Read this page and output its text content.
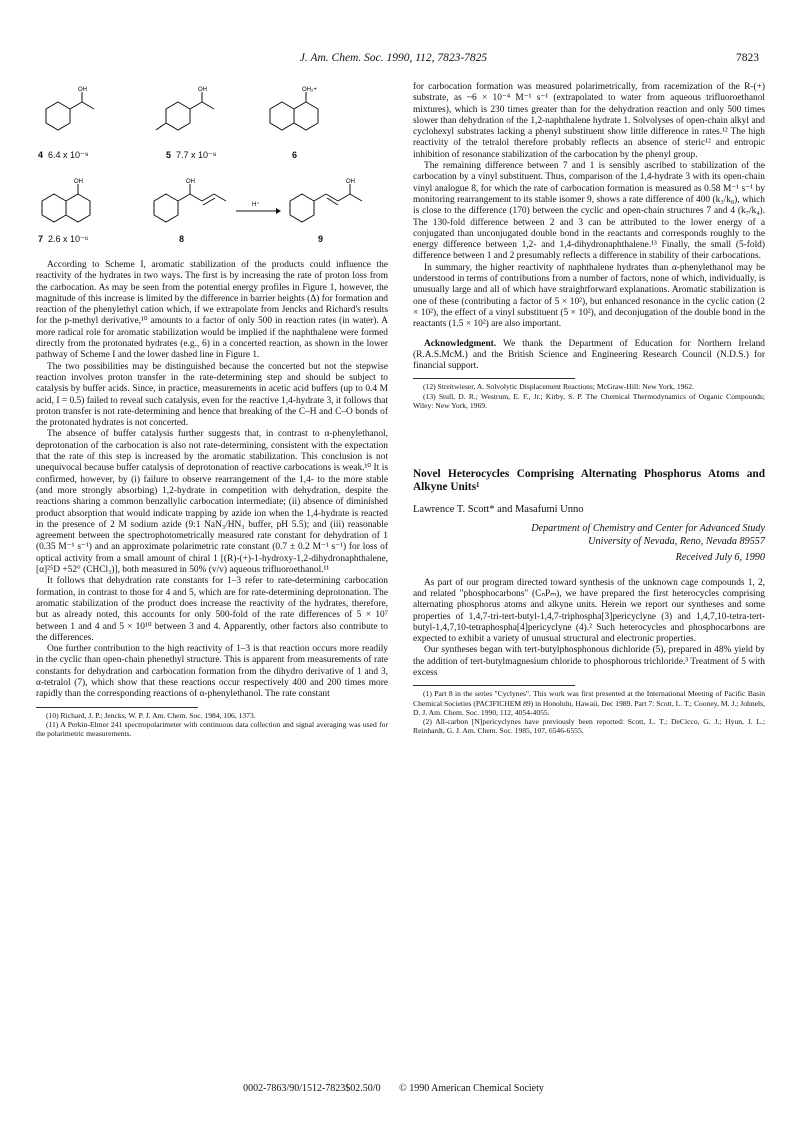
J. Am. Chem. Soc. 1990, 112, 7823-7825	7823
OH
4 6.4 x 10⁻⁹
OH
5 7.7 x 10⁻⁸
OH₂+
6
OH
7 2.6 x 10⁻⁶
OH
8
H⁺
OH
9

According to Scheme I, aromatic stabilization of the products could influence the reactivity of the hydrates in two ways. The first is by increasing the rate of proton loss from the carbocation. As may be seen from the potential energy profiles in Figure 1, however, the magnitude of this increase is limited by the difference in barrier heights (Δ) for formation and reaction of the phenylethyl cation which, if we extrapolate from Jencks and Richard's results for the p-methyl derivative,¹⁰ amounts to a factor of only 500 in reaction rates (in water). A more radical role for aromatic stabilization would be implied if the naphthalene were formed directly from the protonated hydrates (e.g., 6) in a concerted reaction, as shown in the lower pathway of Scheme I and the lower dashed line in Figure 1.

The two possibilities may be distinguished because the concerted but not the stepwise reaction involves proton transfer in the rate-determining step and should be subject to catalysis by buffer acids. Since, in practice, measurements in acetic acid buffers (up to 0.4 M acid, I = 0.5) failed to reveal such catalysis, even for the reactive 1,4-hydrate 3, it follows that proton transfer is not rate-determining and hence that breaking of the C–H and C–O bonds of the protonated hydrates is not concerted.

The absence of buffer catalysis further suggests that, in contrast to α-phenylethanol, deprotonation of the carbocation is also not rate-determining, consistent with the expectation that the rate of this step is increased by the aromatic stabilization. This conclusion is not unequivocal because buffer catalysis of deprotonation of reactive carbocations is weak.¹⁰ It is confirmed, however, by (i) failure to observe rearrangement of the 1,4- to the more stable (and more strongly absorbing) 1,2-hydrate in competition with dehydration, despite the reactions sharing a common benzallylic carbocation intermediate; (ii) absence of diminished product absorption that would indicate trapping by azide ion when the 1,4-hydrate is reacted in the presence of 2 M sodium azide (9:1 NaN₃/HN₃ buffer, pH 5.5); and (iii) reasonable agreement between the spectrophotometrically measured rate constant for dehydration of 1 (0.35 M⁻¹ s⁻¹) and an approximate polarimetric rate constant (0.7 ± 0.2 M⁻¹ s⁻¹) for loss of optical activity from a small amount of chiral 1 [(R)-(+)-1-hydroxy-1,2-dihydronaphthalene, [α]²⁵D +52° (CHCl₃)], both measured in 50% (v/v) aqueous trifluoroethanol.¹¹

It follows that dehydration rate constants for 1–3 refer to rate-determining carbocation formation, in contrast to those for 4 and 5, which are for rate-determining deprotonation. The aromatic stabilization of the product does increase the reactivity of the hydrates, therefore, but as already noted, this accounts for only 500-fold of the rate differences of 5 × 10⁷ between 1 and 4 and 5 × 10¹⁰ between 3 and 4. Apparently, other factors also contribute to the differences.

One further contribution to the high reactivity of 1–3 is that reaction occurs more readily in the cyclic than open-chain phenethyl structure. This is apparent from measurements of rate constants for dehydration and carbocation formation from the dihydro derivative of 1 and 3, α-tetralol (7), which show that these reactions occur respectively 400 and 200 times more rapidly than the corresponding reactions of α-phenylethanol. The rate constant

(10) Richard, J. P.; Jencks, W. P. J. Am. Chem. Soc. 1984, 106, 1373.

(11) A Perkin-Elmer 241 spectropolarimeter with continuous data collection and signal averaging was used for the polarimetric measurements.

for carbocation formation was measured polarimetrically, from racemization of the R-(+) substrate, as ~6 × 10⁻⁴ M⁻¹ s⁻¹ (extrapolated to water from aqueous trifluoroethanol mixtures), which is 230 times greater than for the dehydration reaction and only 500 times slower than dehydration of the 1,2-naphthalene hydrate 1. Solvolyses of open-chain alkyl and cyclohexyl substrates lacking a phenyl substituent show little difference in rates.¹² The high reactivity of the tetralol therefore probably reflects an absence of steric¹² and entropic inhibition of resonance stabilization of the carbocation by the phenyl group.

The remaining difference between 7 and 1 is sensibly ascribed to stabilization of the carbocation by a vinyl substituent. Thus, comparison of the 1,4-hydrate 3 with its open-chain vinyl analogue 8, for which the rate of carbocation formation is measured as 0.58 M⁻¹ s⁻¹ by monitoring rearrangement to its stable isomer 9, shows a rate difference of 400 (k₃/k₈), which is close to the difference (170) between the cyclic and open-chain structures 7 and 4 (k₇/k₄). The 130-fold difference between 2 and 3 can be attributed to the lower energy of a conjugated than unconjugated double bond in the reactants and corresponds roughly to the energy difference between 1,2- and 1,4-dihydronaphthalene.¹³ Finally, the small (5-fold) difference between 1 and 2 presumably reflects a difference in stability of their carbocations.

In summary, the higher reactivity of naphthalene hydrates than α-phenylethanol may be understood in terms of contributions from a number of factors, none of which, individually, is unusually large and all of which have straightforward explanations. Aromatic stabilization is one of these (contributing a factor of 5 × 10²), but enhanced resonance in the cyclic cation (2 × 10²), the effect of a vinyl substituent (5 × 10²), and deconjugation of the double bond in the reactants (1.5 × 10²) are also important.

Acknowledgment. We thank the Department of Education for Northern Ireland (R.A.S.McM.) and the British Science and Engineering Research Council (N.D.S.) for financial support.

(12) Streitwieser, A. Solvolytic Displacement Reactions; McGraw-Hill: New York, 1962.

(13) Stull, D. R.; Westrum, E. F., Jr.; Kirby, S. P. The Chemical Thermodynamics of Organic Compounds; Wiley: New York, 1969.

Novel Heterocycles Comprising Alternating Phosphorus Atoms and Alkyne Units¹

Lawrence T. Scott* and Masafumi Unno

Department of Chemistry and Center for Advanced Study

University of Nevada, Reno, Nevada 89557

Received July 6, 1990

As part of our program directed toward synthesis of the unknown cage compounds 1, 2, and related "phosphocarbons" (CₙPₘ), we have prepared the first heterocycles comprising alternating phosphorus atoms and alkyne units. Herein we report our syntheses and some properties of 1,4,7-tri-tert-butyl-1,4,7-triphospha[3]pericyclyne (3) and 1,4,7,10-tetra-tert-butyl-1,4,7,10-tetraphospha[4]pericyclyne (4).² Such heterocycles and phosphocarbons are expected to exhibit a variety of unusual structural and electronic properties.

Our syntheses began with tert-butylphosphonous dichloride (5), prepared in 48% yield by the addition of tert-butylmagnesium chloride to phosphorous trichloride.³ Treatment of 5 with excess

(1) Part 8 in the series "Cyclynes". This work was first presented at the International Meeting of Pacific Basin Chemical Societies (PACIFICHEM 89) in Honolulu, Hawaii, Dec 1989. Part 7: Scott, L. T.; Cooney, M. J.; Johnels, D. J. Am. Chem. Soc. 1990, 112, 4054-4055.

(2) All-carbon [N]pericyclynes have previously been reported: Scott, L. T.; DeCicco, G. J.; Hyun, J. L.; Reinhardt, G. J. Am. Chem. Soc. 1985, 107, 6546-6555.

0002-7863/90/1512-7823$02.50/0 © 1990 American Chemical Society
